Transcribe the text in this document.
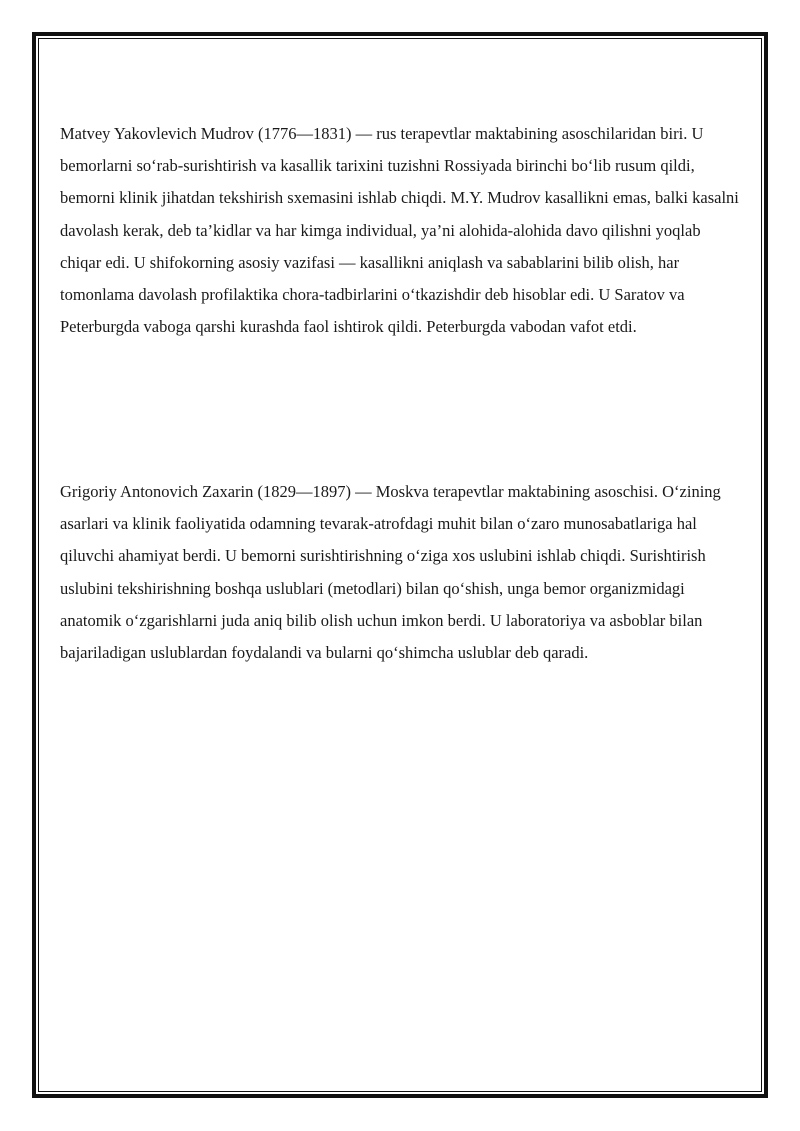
Matvey Yakovlevich Mudrov (1776—1831) — rus terapevtlar maktabining asoschilaridan biri. U bemorlarni so‘rab-surishtirish va kasallik tarixini tuzishni Rossiyada birinchi bo‘lib rusum qildi, bemorni klinik jihatdan tekshirish sxemasini ishlab chiqdi. M.Y. Mudrov kasallikni emas, balki kasalni davolash kerak, deb ta’kidlar va har kimga individual, ya’ni alohida-alohida davo qilishni yoqlab chiqar edi. U shifokorning asosiy vazifasi — kasallikni aniqlash va sabablarini bilib olish, har tomonlama davolash profilaktika chora-tadbirlarini o‘tkazishdir deb hisoblar edi. U Saratov va Peterburgda vaboga qarshi kurashda faol ishtirok qildi. Peterburgda vabodan vafot etdi.

Grigoriy Antonovich Zaxarin (1829—1897) — Moskva terapevtlar maktabining asoschisi. O‘zining asarlari va klinik faoliyatida odamning tevarak-atrofdagi muhit bilan o‘zaro munosabatlariga hal qiluvchi ahamiyat berdi. U bemorni surishtirishning o‘ziga xos uslubini ishlab chiqdi. Surishtirish uslubini tekshirishning boshqa uslublari (metodlari) bilan qo‘shish, unga bemor organizmidagi anatomik o‘zgarishlarni juda aniq bilib olish uchun imkon berdi. U laboratoriya va asboblar bilan bajariladigan uslublardan foydalandi va bularni qo‘shimcha uslublar deb qaradi.
